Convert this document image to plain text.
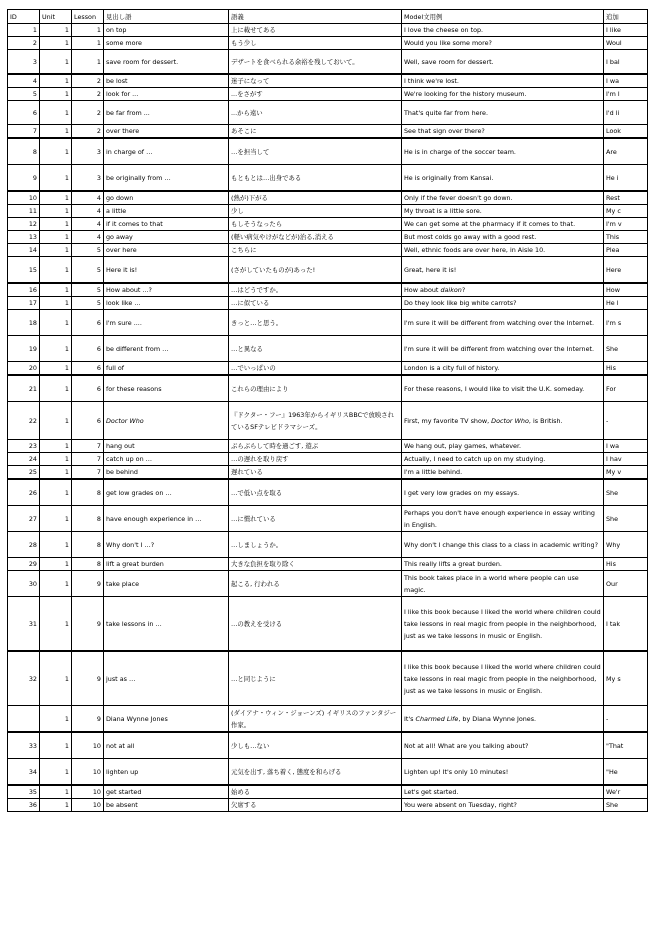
ID	Unit	Lesson	見出し語	語義	Model文用例	追加
1	1	1	on top	上に載せてある	I love the cheese on top.	I like
2	1	1	some more	もう少し	Would you like some more?	Woul
3	1	1	save room for dessert.	デザートを食べられる余裕を残しておいて。	Well, save room for dessert.	I bal
4	1	2	be lost	迷子になって	I think we're lost.	I wa
5	1	2	look for ...	...をさがす	We're looking for the history museum.	I'm l
6	1	2	be far from ...	...から遠い	That's quite far from here.	I'd li
7	1	2	over there	あそこに	See that sign over there?	Look
8	1	3	in charge of …	…を担当して	He is in charge of the soccer team.	Are
9	1	3	be originally from …	もともとは…出身である	He is originally from Kansai.	He i
10	1	4	go down	(熱が)下がる	Only if the fever doesn't go down.	Rest
11	1	4	a little	少し	My throat is a little sore.	My c
12	1	4	if it comes to that	もしそうなったら	We can get some at the pharmacy if it comes to that.	I'm v
13	1	4	go away	(軽い病気やけがなどが)治る,消える	But most colds go away with a good rest.	This
14	1	5	over here	こちらに	Well, ethnic foods are over here, in Aisle 10.	Plea
15	1	5	Here it is!	(さがしていたものが)あった!	Great, here it is!	Here
16	1	5	How about ...?	…はどうですか。	How about daikon?	How
17	1	5	look like ...	…に似ている	Do they look like big white carrots?	He l
18	1	6	I'm sure ....	きっと…と思う。	I'm sure it will be different from watching over the Internet.	I'm s
19	1	6	be different from …	…と異なる	I'm sure it will be different from watching over the Internet.	She
20	1	6	full of	…でいっぱいの	London is a city full of history.	His
21	1	6	for these reasons	これらの理由により	For these reasons, I would like to visit the U.K. someday.	For
22	1	6	Doctor Who	『ドクター・フー』1963年からイギリスBBCで放映されているSFテレビドラマシーズ。	First, my favorite TV show, Doctor Who, is British.	-
23	1	7	hang out	ぶらぶらして時を過ごす, 遊ぶ	We hang out, play games, whatever.	I wa
24	1	7	catch up on …	…の遅れを取り戻す	Actually, I need to catch up on my studying.	I hav
25	1	7	be behind	遅れている	I'm a little behind.	My v
26	1	8	get low grades on …	…で低い点を取る	I get very low grades on my essays.	She
27	1	8	have enough experience in …	…に慣れている	Perhaps you don't have enough experience in essay writing in English.	She
28	1	8	Why don't I …?	…しましょうか。	Why don't I change this class to a class in academic writing?	Why
29	1	8	lift a great burden	大きな負担を取り除く	This really lifts a great burden.	His
30	1	9	take place	起こる, 行われる	This book takes place in a world where people can use magic.	Our
31	1	9	take lessons in …	…の教えを受ける	I like this book because I liked the world where children could take lessons in real magic from people in the neighborhood, just as we take lessons in music or English.	I tak
32	1	9	just as …	…と同じように	I like this book because I liked the world where children could take lessons in real magic from people in the neighborhood, just as we take lessons in music or English.	My s
	1	9	Diana Wynne Jones	(ダイアナ・ウィン・ジョーンズ) イギリスのファンタジー作家。	It's Charmed Life, by Diana Wynne Jones.	-
33	1	10	not at all	少しも…ない	Not at all! What are you talking about?	"That
34	1	10	lighten up	元気を出す, 落ち着く, 態度を和らげる	Lighten up! It's only 10 minutes!	"He
35	1	10	get started	始める	Let's get started.	We'r
36	1	10	be absent	欠席する	You were absent on Tuesday, right?	She
